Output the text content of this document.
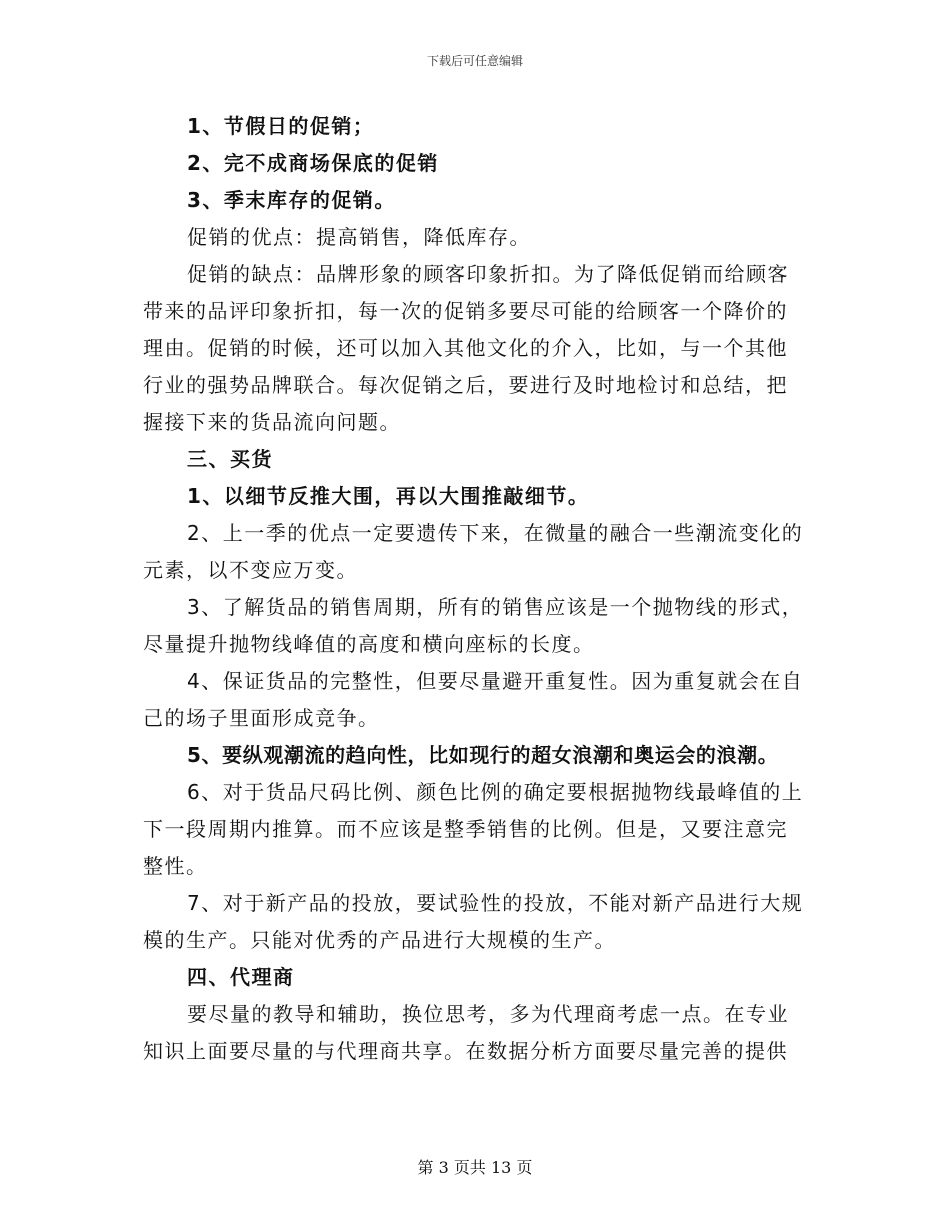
下载后可任意编辑
1、节假日的促销；
2、完不成商场保底的促销
3、季末库存的促销。
促销的优点：提高销售，降低库存。
促销的缺点：品牌形象的顾客印象折扣。为了降低促销而给顾客
带来的品评印象折扣，每一次的促销多要尽可能的给顾客一个降价的
理由。促销的时候，还可以加入其他文化的介入，比如，与一个其他
行业的强势品牌联合。每次促销之后，要进行及时地检讨和总结，把
握接下来的货品流向问题。
三、买货
1、以细节反推大围，再以大围推敲细节。
2、上一季的优点一定要遗传下来，在微量的融合一些潮流变化的
元素，以不变应万变。
3、了解货品的销售周期，所有的销售应该是一个抛物线的形式，
尽量提升抛物线峰值的高度和横向座标的长度。
4、保证货品的完整性，但要尽量避开重复性。因为重复就会在自
己的场子里面形成竞争。
5、要纵观潮流的趋向性，比如现行的超女浪潮和奥运会的浪潮。
6、对于货品尺码比例、颜色比例的确定要根据抛物线最峰值的上
下一段周期内推算。而不应该是整季销售的比例。但是，又要注意完
整性。
7、对于新产品的投放，要试验性的投放，不能对新产品进行大规
模的生产。只能对优秀的产品进行大规模的生产。
四、代理商
要尽量的教导和辅助，换位思考，多为代理商考虑一点。在专业
知识上面要尽量的与代理商共享。在数据分析方面要尽量完善的提供
第 3 页共 13 页
